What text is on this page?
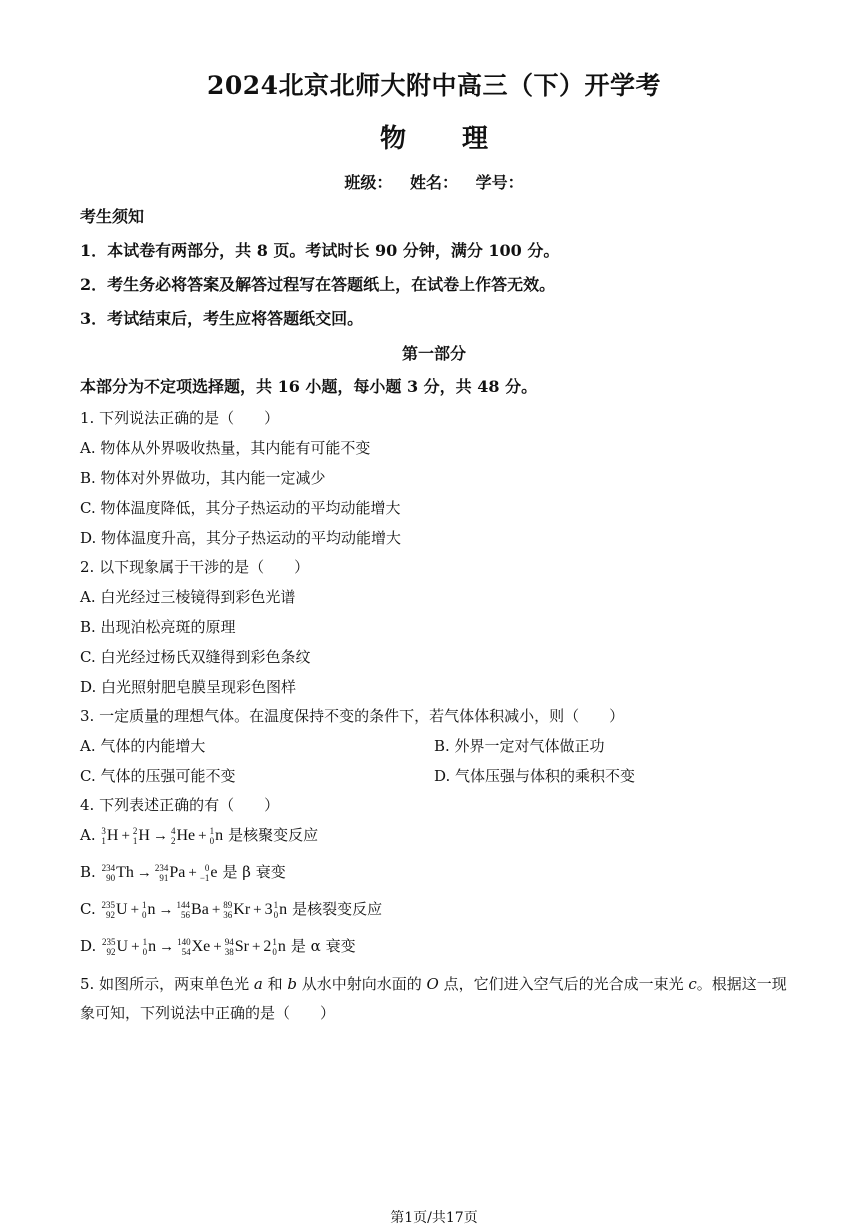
2024北京北师大附中高三（下）开学考
物 理
班级： 姓名： 学号：
考生须知
1．本试卷有两部分，共 8 页。考试时长 90 分钟，满分 100 分。
2．考生务必将答案及解答过程写在答题纸上，在试卷上作答无效。
3．考试结束后，考生应将答题纸交回。
第一部分
本部分为不定项选择题，共 16 小题，每小题 3 分，共 48 分。
1. 下列说法正确的是（　　）
A. 物体从外界吸收热量，其内能有可能不变
B. 物体对外界做功，其内能一定减少
C. 物体温度降低，其分子热运动的平均动能增大
D. 物体温度升高，其分子热运动的平均动能增大
2. 以下现象属于干涉的是（　　）
A. 白光经过三棱镜得到彩色光谱
B. 出现泊松亮斑的原理
C. 白光经过杨氏双缝得到彩色条纹
D. 白光照射肥皂膜呈现彩色图样
3. 一定质量的理想气体。在温度保持不变的条件下，若气体体积减小，则（　　）
A. 气体的内能增大	B. 外界一定对气体做正功
C. 气体的压强可能不变	D. 气体压强与体积的乘积不变
4. 下列表述正确的有（　　）
A. 3
1 H + 2
1 H → 4
2 He + 1
0 n 是核聚变反应
B. 234
90 Th → 234
91 Pa + 0
−1 e 是 β 衰变
C. 235
92 U + 1
0 n → 144
56 Ba + 89
36 Kr + 3 1
0 n 是核裂变反应
D. 235
92 U + 1
0 n → 140
54 Xe + 94
38 Sr + 2 1
0 n 是 α 衰变
5. 如图所示，两束单色光 a 和 b 从水中射向水面的 O 点，它们进入空气后的光合成一束光 c。根据这一现
象可知，下列说法中正确的是（　　）
第1页/共17页
